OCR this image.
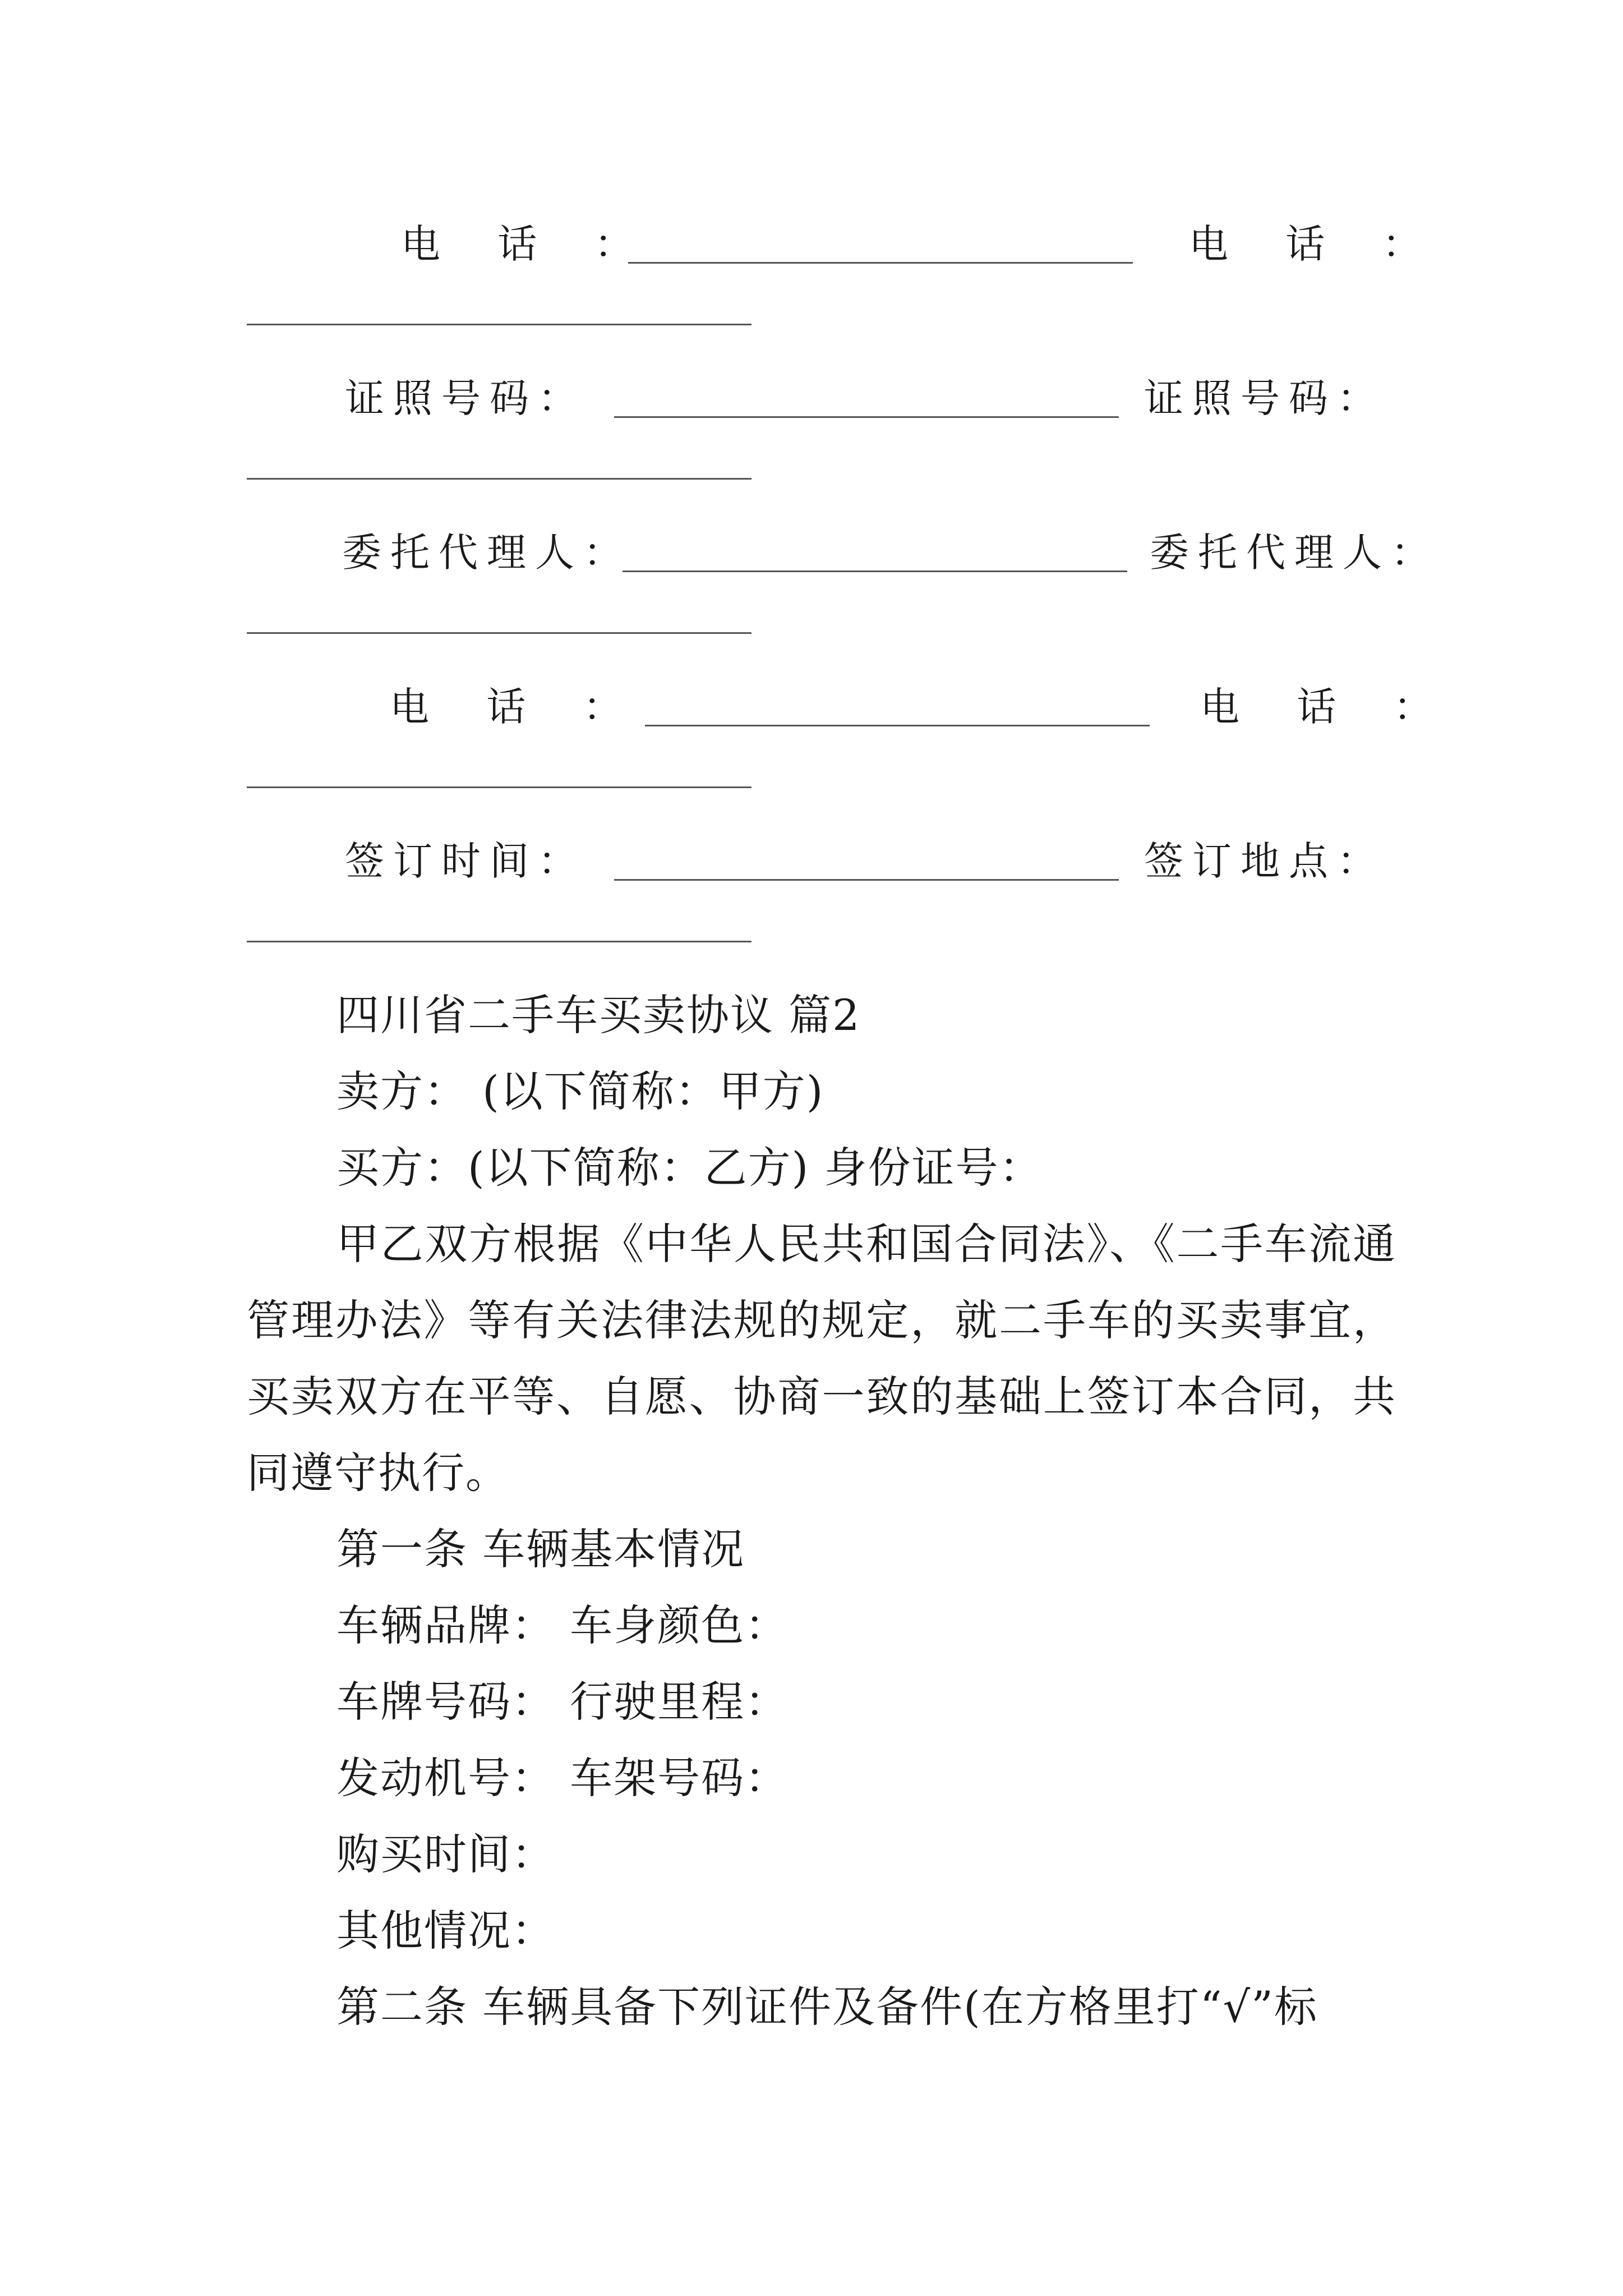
电 话 ：	电 话 ：
证照号码：	证照号码：
委托代理人：	委托代理人：
电 话 ：	电 话 ：
签订时间：	签订地点：
四川省二手车买卖协议 篇2
卖方： (以下简称：甲方)
买方：(以下简称：乙方) 身份证号：
甲乙双方根据《中华人民共和国合同法》、《二手车流通管理办法》等有关法律法规的规定，就二手车的买卖事宜，买卖双方在平等、自愿、协商一致的基础上签订本合同，共同遵守执行。
第一条 车辆基本情况
车辆品牌： 车身颜色：
车牌号码： 行驶里程：
发动机号： 车架号码：
购买时间：
其他情况：
第二条 车辆具备下列证件及备件(在方格里打“√”标
